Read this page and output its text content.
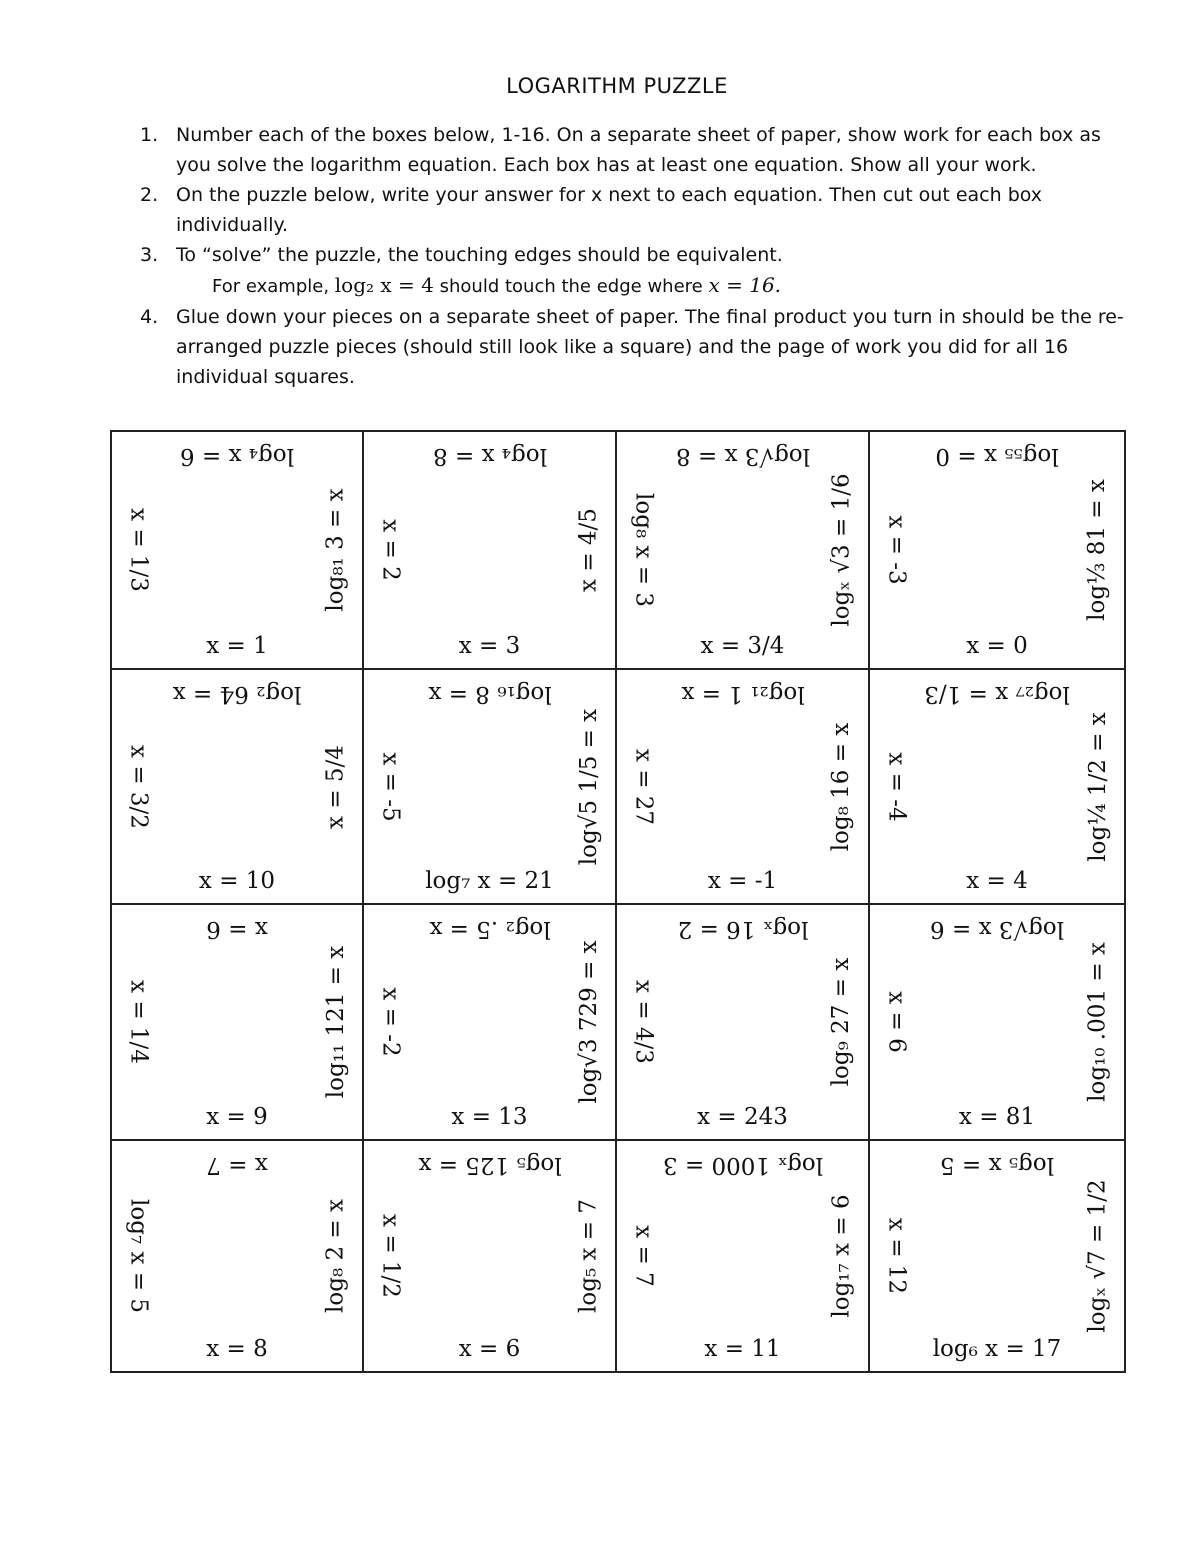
LOGARITHM PUZZLE
1. Number each of the boxes below, 1-16. On a separate sheet of paper, show work for each box as you solve the logarithm equation. Each box has at least one equation. Show all your work.
2. On the puzzle below, write your answer for x next to each equation. Then cut out each box individually.
3. To “solve” the puzzle, the touching edges should be equivalent.
For example, log₂ x = 4 should touch the edge where x = 16.
4. Glue down your pieces on a separate sheet of paper. The final product you turn in should be the re-arranged puzzle pieces (should still look like a square) and the page of work you did for all 16 individual squares.
log₄ x = 6
log₈₁ 3 = x
x = 1
x = 1/3
log₄ x = 8
x = 4/5
x = 3
x = 2
log√3 x = 8
logₓ √3 = 1/6
x = 3/4
log₈ x = 3
log₅₅ x = 0
log⅓ 81 = x
x = 0
x = -3
log₂ 64 = x
x = 5/4
x = 10
x = 3/2
log₁₆ 8 = x
log√5 1/5 = x
log₇ x = 21
x = -5
log₂₁ 1 = x
log₈ 16 = x
x = -1
x = 27
log₂₇ x = 1/3
log¼ 1/2 = x
x = 4
x = -4
x = 6
log₁₁ 121 = x
x = 9
x = 1/4
log₂ .5 = x
log√3 729 = x
x = 13
x = -2
logₓ 16 = 2
log₉ 27 = x
x = 243
x = 4/3
log√3 x = 6
log₁₀ .001 = x
x = 81
x = 6
x = 7
log₈ 2 = x
x = 8
log₇ x = 5
log₅ 125 = x
log₅ x = 7
x = 6
x = 1/2
logₓ 1000 = 3
log₁₇ x = 6
x = 11
x = 7
log₅ x = 5
logₓ √7 = 1/2
log₆ x = 17
x = 12
